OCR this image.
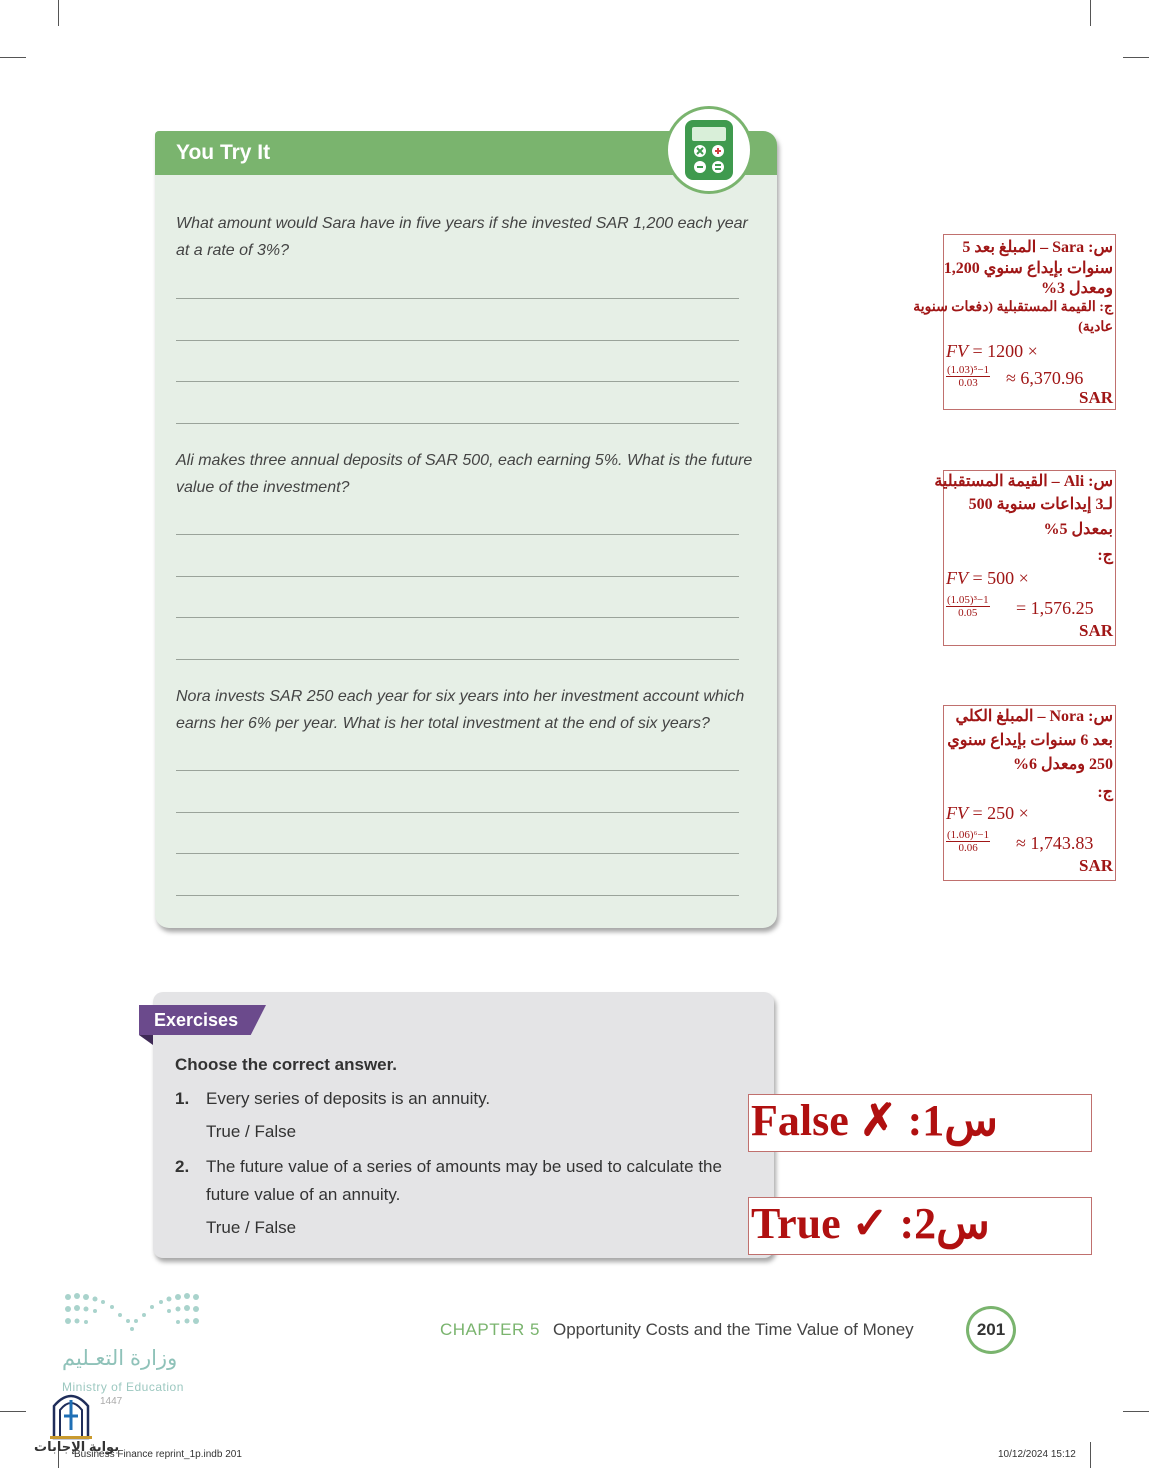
You Try It
What amount would Sara have in five years if she invested SAR 1,200 each year at a rate of 3%?
Ali makes three annual deposits of SAR 500, each earning 5%. What is the future value of the investment?
Nora invests SAR 250 each year for six years into her investment account which earns her 6% per year. What is her total investment at the end of six years?
س: Sara – المبلغ بعد 5
سنوات بإيداع سنوي 1,200
ومعدل 3%
ج: القيمة المستقبلية (دفعات سنوية
عادية)
FV = 1200 ×
$\frac{\text{(1.03)⁵−1}}{0.03} \approx 6,370.96$
SAR
س: Ali – القيمة المستقبلية
لـ3 إيداعات سنوية 500
بمعدل 5%
ج:
FV = 500 ×
$\frac{\text{(1.05)³−1}}{0.05} = 1,576.25$
SAR
س: Nora – المبلغ الكلي
بعد 6 سنوات بإيداع سنوي
250 ومعدل 6%
ج:
FV = 250 ×
$\frac{\text{(1.06)⁶−1}}{0.06} \approx 1,743.83$
SAR
Exercises
Choose the correct answer.
1. Every series of deposits is an annuity.
True / False
2. The future value of a series of amounts may be used to calculate the
future value of an annuity.
True / False
False ✗ :1س
True ✓ :2س
وزارة التعـليم
Ministry of Education
1447
بوابة الإجابات
CHAPTER 5 Opportunity Costs and the Time Value of Money	201
Business Finance reprint_1p.indb 201	10/12/2024 15:12
